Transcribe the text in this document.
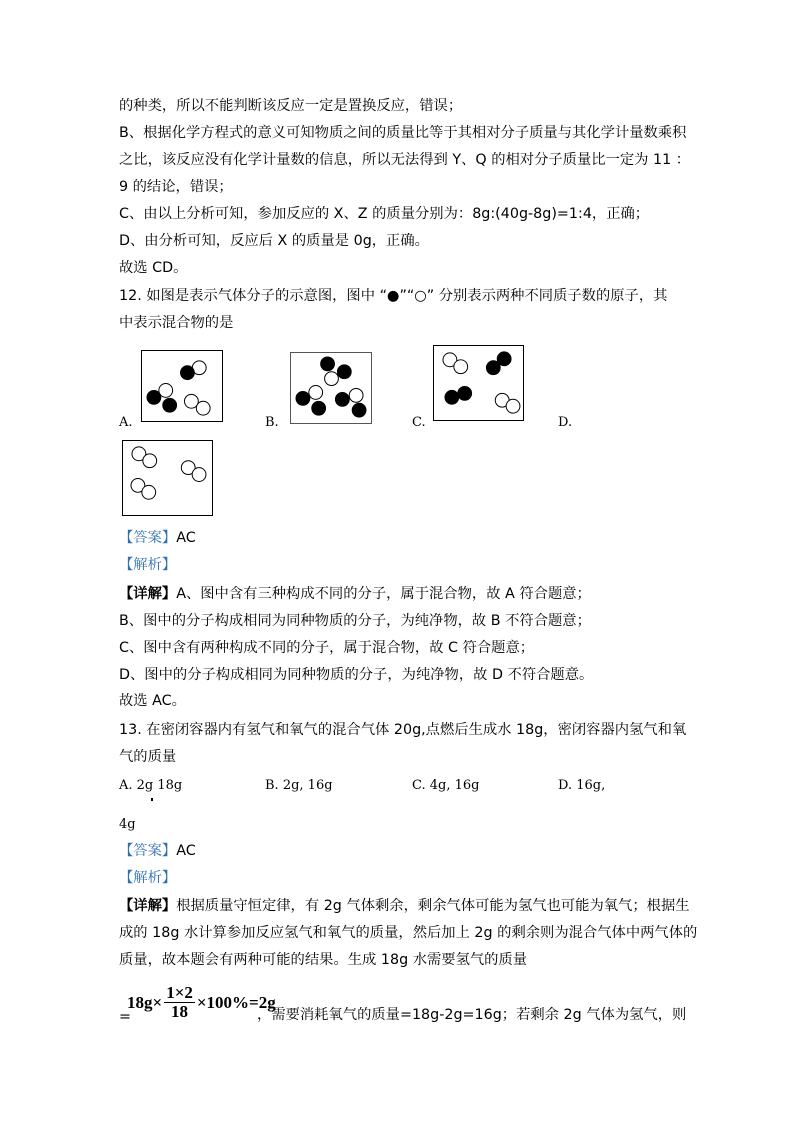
的种类，所以不能判断该反应一定是置换反应，错误；
B、根据化学方程式的意义可知物质之间的质量比等于其相对分子质量与其化学计量数乘积
之比，该反应没有化学计量数的信息，所以无法得到 Y、Q 的相对分子质量比一定为 11 ：
9 的结论，错误；
C、由以上分析可知，参加反应的 X、Z 的质量分别为：8g:(40g-8g)=1:4，正确；
D、由分析可知，反应后 X 的质量是 0g，正确。
故选 CD。
12. 如图是表示气体分子的示意图，图中 “●”“○” 分别表示两种不同质子数的原子，其
中表示混合物的是
A.	B.	C.	D.
【答案】AC
【解析】
【详解】A、图中含有三种构成不同的分子，属于混合物，故 A 符合题意；
B、图中的分子构成相同为同种物质的分子，为纯净物，故 B 不符合题意；
C、图中含有两种构成不同的分子，属于混合物，故 C 符合题意；
D、图中的分子构成相同为同种物质的分子，为纯净物，故 D 不符合题意。
故选 AC。
13. 在密闭容器内有氢气和氧气的混合气体 20g,点燃后生成水 18g，密闭容器内氢气和氧
气的质量
A. 2g 18g	B. 2g, 16g	C. 4g, 16g	D. 16g,
4g
【答案】AC
【解析】
【详解】根据质量守恒定律，有 2g 气体剩余，剩余气体可能为氢气也可能为氧气；根据生
成的 18g 水计算参加反应氢气和氧气的质量，然后加上 2g 的剩余则为混合气体中两气体的
质量，故本题会有两种可能的结果。生成 18g 水需要氢气的质量
$18g\times \frac{1\times 2}{18} \times 100\%=2g$
=	，需要消耗氧气的质量=18g-2g=16g；若剩余 2g 气体为氢气，则
